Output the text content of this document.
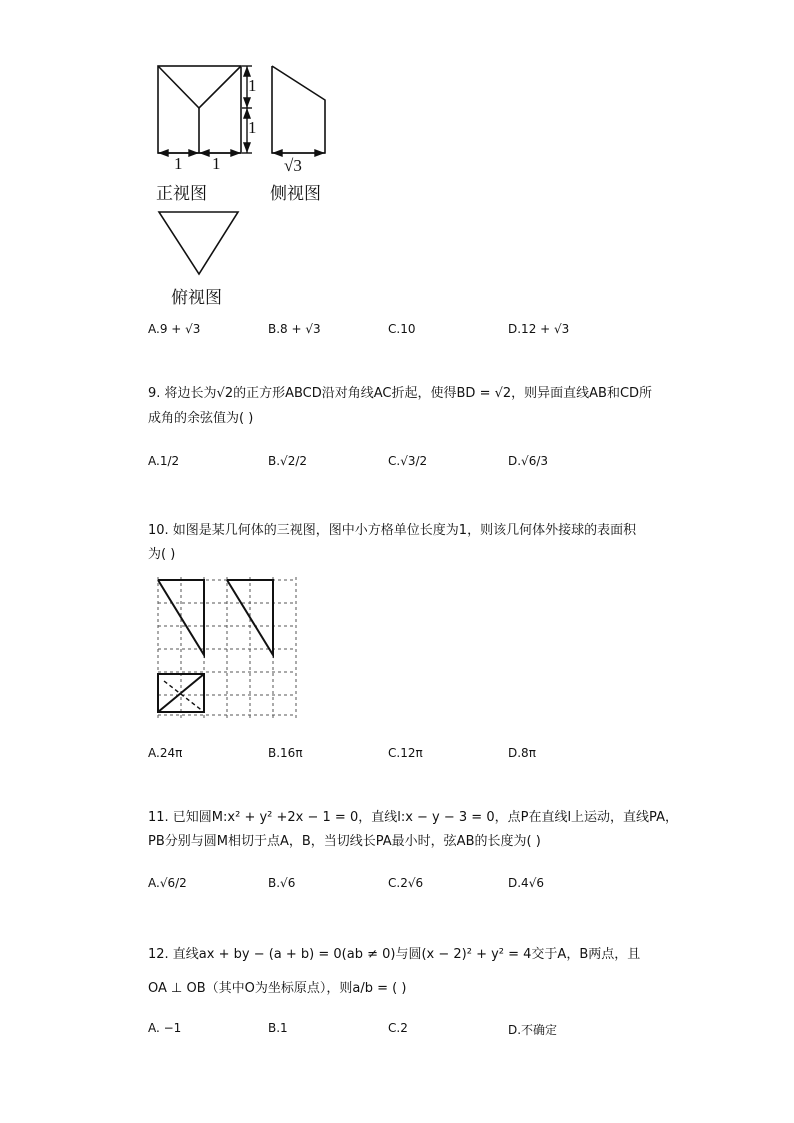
1
1
1 1	√3
正视图	侧视图
俯视图
A.9 + √3	B.8 + √3	C.10	D.12 + √3
9. 将边长为√2的正方形ABCD沿对角线AC折起，使得BD = √2，则异面直线AB和CD所
成角的余弦值为( )
A.1/2	B.√2/2	C.√3/2	D.√6/3
10. 如图是某几何体的三视图，图中小方格单位长度为1，则该几何体外接球的表面积
为( )
A.24π	B.16π	C.12π	D.8π
11. 已知圆M:x² + y² +2x − 1 = 0，直线l:x − y − 3 = 0，点P在直线l上运动，直线PA，
PB分别与圆M相切于点A，B，当切线长PA最小时，弦AB的长度为( )
A.√6/2	B.√6	C.2√6	D.4√6
12. 直线ax + by − (a + b) = 0(ab ≠ 0)与圆(x − 2)² + y² = 4交于A，B两点，且
OA ⊥ OB（其中O为坐标原点），则a/b = ( )
A. −1	B.1	C.2	D.不确定
